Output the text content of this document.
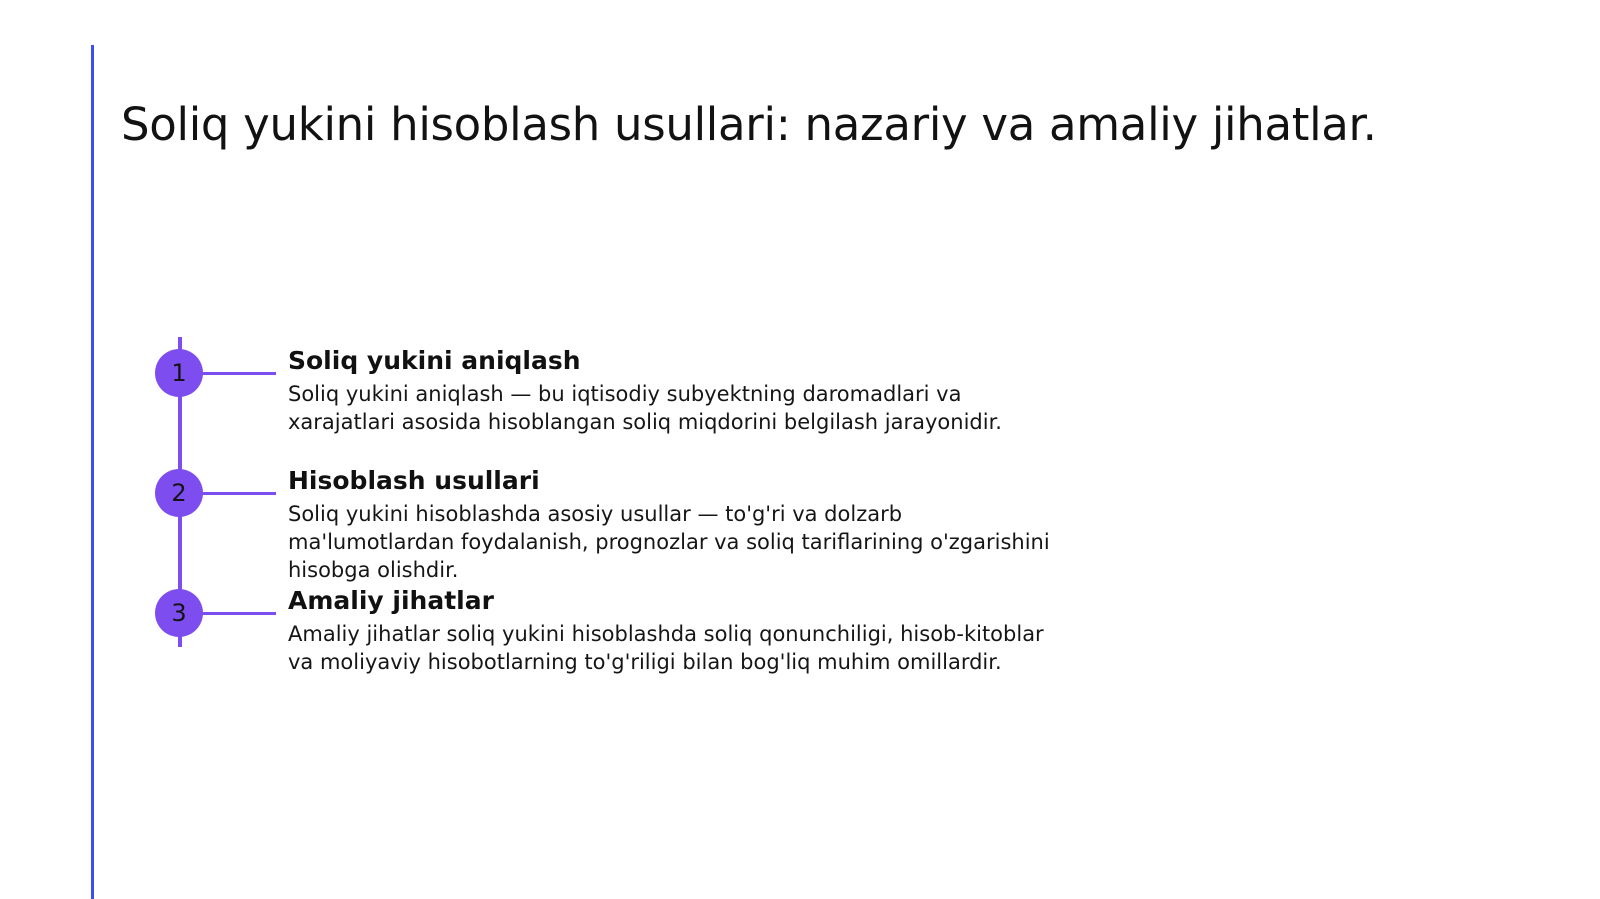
Soliq yukini hisoblash usullari: nazariy va amaliy jihatlar.
1	Soliq yukini aniqlash

Soliq yukini aniqlash — bu iqtisodiy subyektning daromadlari va
xarajatlari asosida hisoblangan soliq miqdorini belgilash jarayonidir.

2	Hisoblash usullari

Soliq yukini hisoblashda asosiy usullar — to'g'ri va dolzarb
ma'lumotlardan foydalanish, prognozlar va soliq tariflarining o'zgarishini
hisobga olishdir.

3	Amaliy jihatlar

Amaliy jihatlar soliq yukini hisoblashda soliq qonunchiligi, hisob-kitoblar
va moliyaviy hisobotlarning to'g'riligi bilan bog'liq muhim omillardir.
